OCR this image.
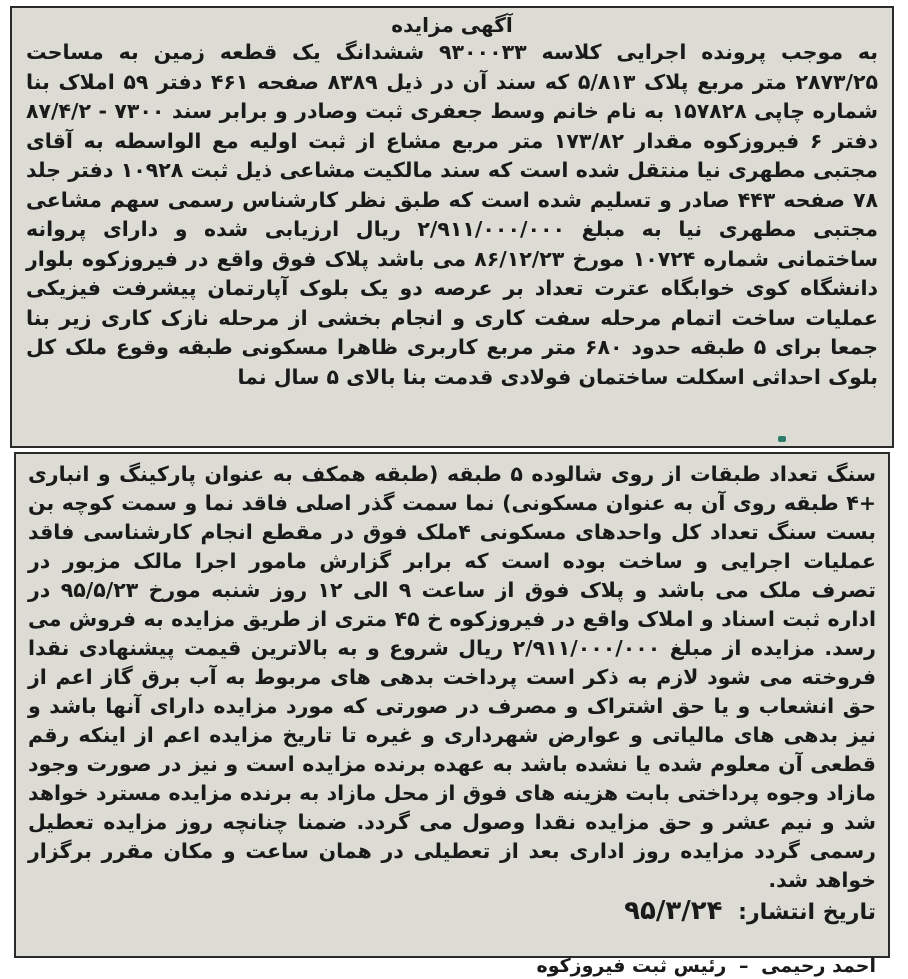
آگهی مزایده

به موجب پرونده اجرایی کلاسه ۹۳۰۰۰۳۳ ششدانگ یک قطعه زمین به مساحت ۲۸۷۳/۲۵ متر مربع پلاک ۵/۸۱۳ که سند آن در ذیل ۸۳۸۹ صفحه ۴۶۱ دفتر ۵۹ املاک بنا شماره چاپی ۱۵۷۸۲۸ به نام خانم وسط جعفری ثبت وصادر و برابر سند ۷۳۰۰ - ۸۷/۴/۲ دفتر ۶ فیروزکوه مقدار ۱۷۳/۸۲ متر مربع مشاع از ثبت اولیه مع الواسطه به آقای مجتبی مطهری نیا منتقل شده است که سند مالکیت مشاعی ذیل ثبت ۱۰۹۲۸ دفتر جلد ۷۸ صفحه ۴۴۳ صادر و تسلیم شده است که طبق نظر کارشناس رسمی سهم مشاعی مجتبی مطهری نیا به مبلغ ۲/۹۱۱/۰۰۰/۰۰۰ ریال ارزیابی شده و دارای پروانه ساختمانی شماره ۱۰۷۲۴ مورخ ۸۶/۱۲/۲۳ می باشد پلاک فوق واقع در فیروزکوه بلوار دانشگاه کوی خوابگاه عترت تعداد بر عرصه دو یک بلوک آپارتمان پیشرفت فیزیکی عملیات ساخت اتمام مرحله سفت کاری و انجام بخشی از مرحله نازک کاری زیر بنا جمعا برای ۵ طبقه حدود ۶۸۰ متر مربع کاربری ظاهرا مسکونی طبقه وقوع ملک کل بلوک احداثی اسکلت ساختمان فولادی قدمت بنا بالای ۵ سال نما

سنگ تعداد طبقات از روی شالوده ۵ طبقه (طبقه همکف به عنوان پارکینگ و انباری +۴ طبقه روی آن به عنوان مسکونی) نما سمت گذر اصلی فاقد نما و سمت کوچه بن بست سنگ تعداد کل واحدهای مسکونی ۴ملک فوق در مقطع انجام کارشناسی فاقد عملیات اجرایی و ساخت بوده است که برابر گزارش مامور اجرا مالک مزبور در تصرف ملک می باشد و پلاک فوق از ساعت ۹ الی ۱۲ روز شنبه مورخ ۹۵/۵/۲۳ در اداره ثبت اسناد و املاک واقع در فیروزکوه خ ۴۵ متری از طریق مزایده به فروش می رسد. مزایده از مبلغ ۲/۹۱۱/۰۰۰/۰۰۰ ریال شروع و به بالاترین قیمت پیشنهادی نقدا فروخته می شود لازم به ذکر است پرداخت بدهی های مربوط به آب برق گاز اعم از حق انشعاب و یا حق اشتراک و مصرف در صورتی که مورد مزایده دارای آنها باشد و نیز بدهی های مالیاتی و عوارض شهرداری و غیره تا تاریخ مزایده اعم از اینکه رقم قطعی آن معلوم شده یا نشده باشد به عهده برنده مزایده است و نیز در صورت وجود مازاد وجوه پرداختی بابت هزینه های فوق از محل مازاد به برنده مزایده مسترد خواهد شد و نیم عشر و حق مزایده نقدا وصول می گردد. ضمنا چنانچه روز مزایده تعطیل رسمی گردد مزایده روز اداری بعد از تعطیلی در همان ساعت و مکان مقرر برگزار خواهد شد.

تاریخ انتشار: ۹۵/۳/۲۴
احمد رحیمی – رئیس ثبت فیروزکوه
